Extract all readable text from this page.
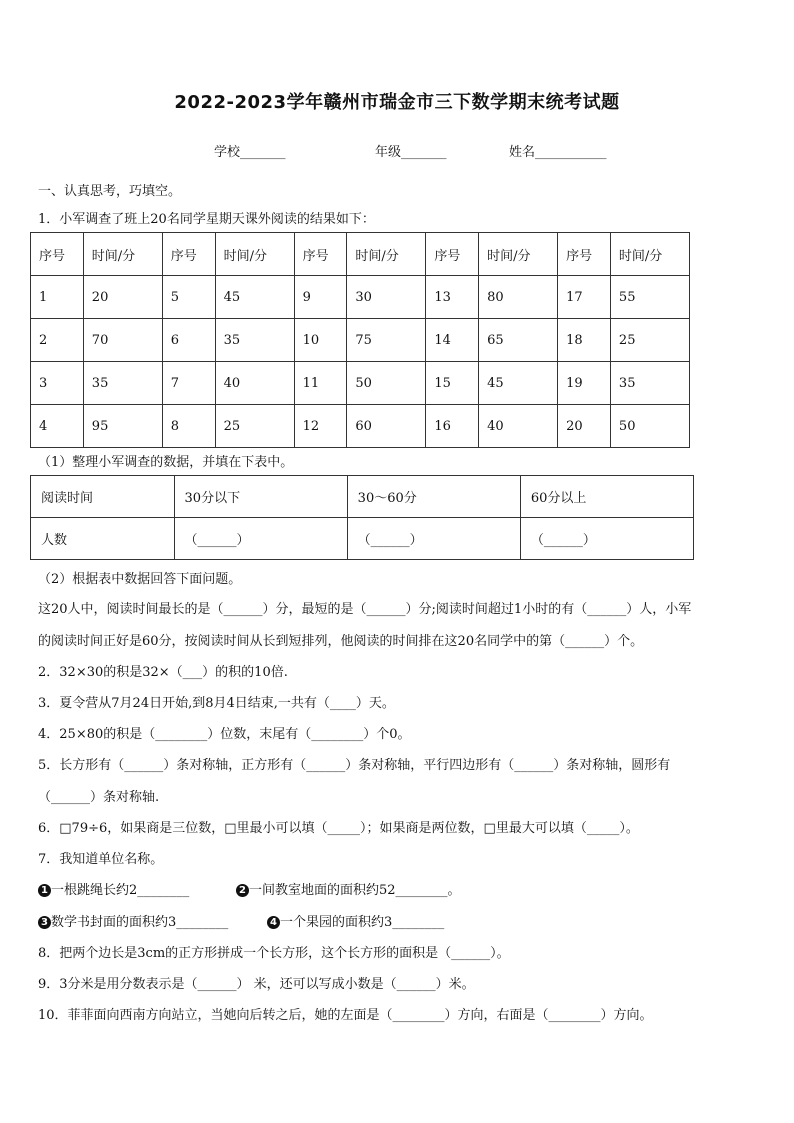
2022-2023学年赣州市瑞金市三下数学期末统考试题
学校_______	年级_______	姓名___________
一、认真思考，巧填空。
1．小军调查了班上20名同学星期天课外阅读的结果如下：
序号	时间/分	序号	时间/分	序号	时间/分	序号	时间/分	序号	时间/分
1	20	5	45	9	30	13	80	17	55
2	70	6	35	10	75	14	65	18	25
3	35	7	40	11	50	15	45	19	35
4	95	8	25	12	60	16	40	20	50
（1）整理小军调查的数据，并填在下表中。
阅读时间	30分以下	30～60分	60分以上
人数	（______）	（______）	（______）
（2）根据表中数据回答下面问题。
这20人中，阅读时间最长的是（______）分，最短的是（______）分;阅读时间超过1小时的有（______）人，小军
的阅读时间正好是60分，按阅读时间从长到短排列，他阅读的时间排在这20名同学中的第（______）个。
2．32×30的积是32×（___）的积的10倍.
3．夏令营从7月24日开始,到8月4日结束,一共有（____）天。
4．25×80的积是（________）位数，末尾有（________）个0。
5．长方形有（______）条对称轴，正方形有（______）条对称轴，平行四边形有（______）条对称轴，圆形有
（______）条对称轴.
6．□79÷6，如果商是三位数，□里最小可以填（_____）；如果商是两位数，□里最大可以填（_____）。
7．我知道单位名称。
1 一根跳绳长约2________	2 一间教室地面的面积约52________。
3 数学书封面的面积约3________	4 一个果园的面积约3________
8．把两个边长是3cm的正方形拼成一个长方形，这个长方形的面积是（______）。
9．3分米是用分数表示是（______） 米，还可以写成小数是（______）米。
10．菲菲面向西南方向站立，当她向后转之后，她的左面是（________）方向，右面是（________）方向。
